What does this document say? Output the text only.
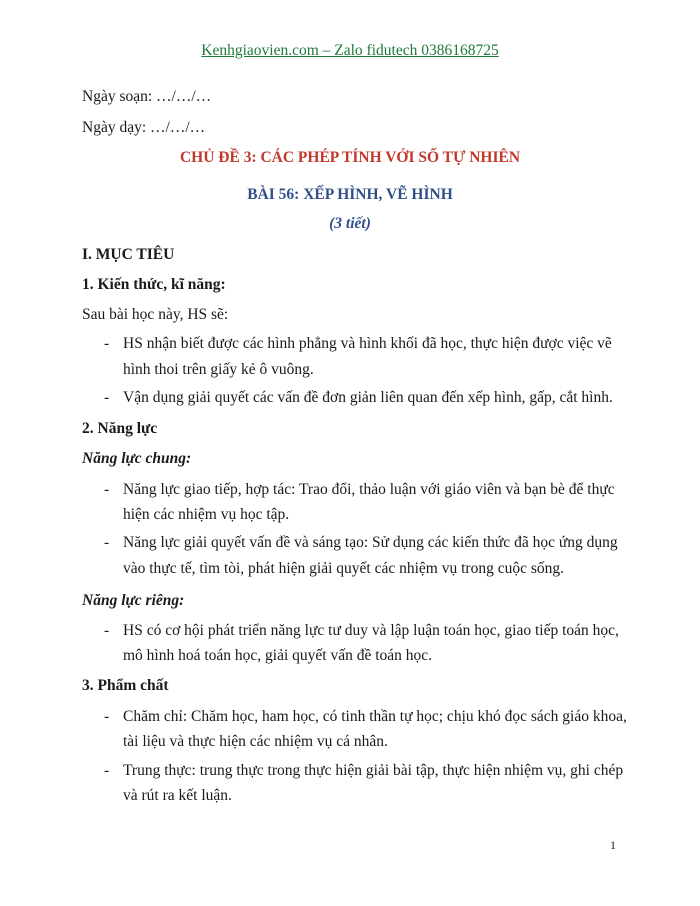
Kenhgiaovien.com – Zalo fidutech 0386168725
Ngày soạn: …/…/…
Ngày dạy: …/…/…
CHỦ ĐỀ 3: CÁC PHÉP TÍNH VỚI SỐ TỰ NHIÊN
BÀI 56: XẾP HÌNH, VẼ HÌNH
(3 tiết)
I. MỤC TIÊU
1. Kiến thức, kĩ năng:
Sau bài học này, HS sẽ:
- HS nhận biết được các hình phẳng và hình khối đã học, thực hiện được việc vẽ
hình thoi trên giấy kẻ ô vuông.
- Vận dụng giải quyết các vấn đề đơn giản liên quan đến xếp hình, gấp, cắt hình.
2. Năng lực
Năng lực chung:
- Năng lực giao tiếp, hợp tác: Trao đổi, thảo luận với giáo viên và bạn bè để thực
hiện các nhiệm vụ học tập.
- Năng lực giải quyết vấn đề và sáng tạo: Sử dụng các kiến thức đã học ứng dụng
vào thực tế, tìm tòi, phát hiện giải quyết các nhiệm vụ trong cuộc sống.
Năng lực riêng:
- HS có cơ hội phát triển năng lực tư duy và lập luận toán học, giao tiếp toán học,
mô hình hoá toán học, giải quyết vấn đề toán học.
3. Phẩm chất
- Chăm chỉ: Chăm học, ham học, có tinh thần tự học; chịu khó đọc sách giáo khoa,
tài liệu và thực hiện các nhiệm vụ cá nhân.
- Trung thực: trung thực trong thực hiện giải bài tập, thực hiện nhiệm vụ, ghi chép
và rút ra kết luận.
1
